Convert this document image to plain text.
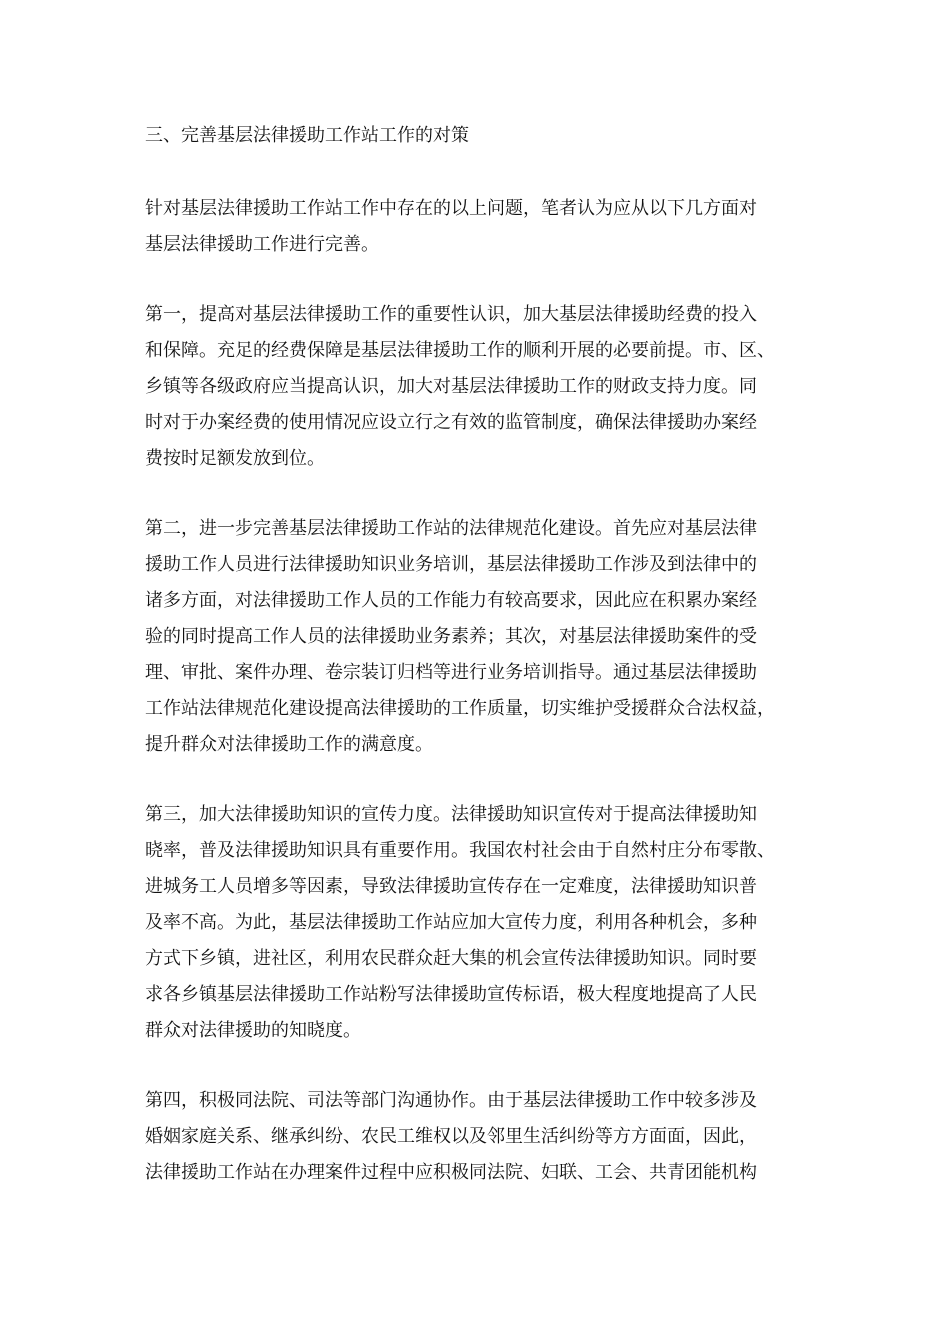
三、完善基层法律援助工作站工作的对策
针对基层法律援助工作站工作中存在的以上问题，笔者认为应从以下几方面对
基层法律援助工作进行完善。
第一，提高对基层法律援助工作的重要性认识，加大基层法律援助经费的投入
和保障。充足的经费保障是基层法律援助工作的顺利开展的必要前提。市、区、
乡镇等各级政府应当提高认识，加大对基层法律援助工作的财政支持力度。同
时对于办案经费的使用情况应设立行之有效的监管制度，确保法律援助办案经
费按时足额发放到位。
第二，进一步完善基层法律援助工作站的法律规范化建设。首先应对基层法律
援助工作人员进行法律援助知识业务培训，基层法律援助工作涉及到法律中的
诸多方面，对法律援助工作人员的工作能力有较高要求，因此应在积累办案经
验的同时提高工作人员的法律援助业务素养；其次，对基层法律援助案件的受
理、审批、案件办理、卷宗装订归档等进行业务培训指导。通过基层法律援助
工作站法律规范化建设提高法律援助的工作质量，切实维护受援群众合法权益，
提升群众对法律援助工作的满意度。
第三，加大法律援助知识的宣传力度。法律援助知识宣传对于提高法律援助知
晓率，普及法律援助知识具有重要作用。我国农村社会由于自然村庄分布零散、
进城务工人员增多等因素，导致法律援助宣传存在一定难度，法律援助知识普
及率不高。为此，基层法律援助工作站应加大宣传力度，利用各种机会，多种
方式下乡镇，进社区，利用农民群众赶大集的机会宣传法律援助知识。同时要
求各乡镇基层法律援助工作站粉写法律援助宣传标语，极大程度地提高了人民
群众对法律援助的知晓度。
第四，积极同法院、司法等部门沟通协作。由于基层法律援助工作中较多涉及
婚姻家庭关系、继承纠纷、农民工维权以及邻里生活纠纷等方方面面，因此，
法律援助工作站在办理案件过程中应积极同法院、妇联、工会、共青团能机构
